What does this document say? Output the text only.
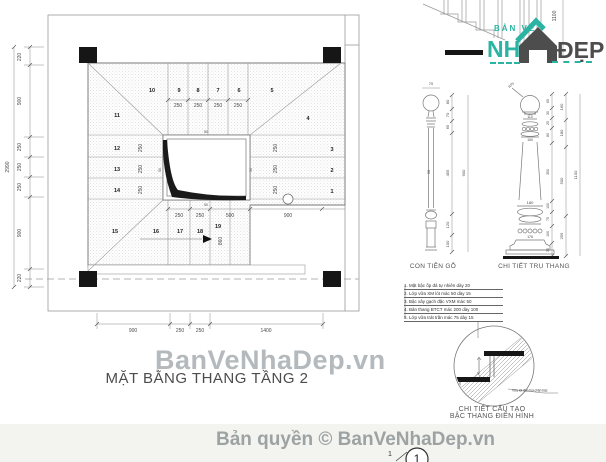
1
2
3
4
5
6
7
8
9
10
11
12
13
14
15	16	17	18
19
250 250 250 250
250	250	500	900
250
250
250
250
250
250
860
50
50
50	50
220
900
250
250
250
900
220
2990
900	250 250	1400
1100
70
30
80
70
65
455
120
100
900
R75
110
150
180
176
65
30
25
80
350
100
75
100
35
160
180
500
255
1100
Vữa lót đàn hồi chân bậc
1
1
BanVeNhaDep.vn
MẶT BẰNG THANG TẦNG 2
BẢN VẼ
NH ĐẸP
CON TIỆN GỖ	CHI TIẾT TRỤ THANG
1. Mặt bậc ốp đá tự nhiên dày 20
2. Lớp vữa XM lót mác 50 dày 15
3. Bậc xây gạch đặc VXM mác 50
4. Bản thang BTCT mác 200 dày 100
5. Lớp vữa trát trần mác 75 dày 15
CHI TIẾT CẤU TẠO
BẬC THANG ĐIỂN HÌNH
Bản quyền © BanVeNhaDep.vn
